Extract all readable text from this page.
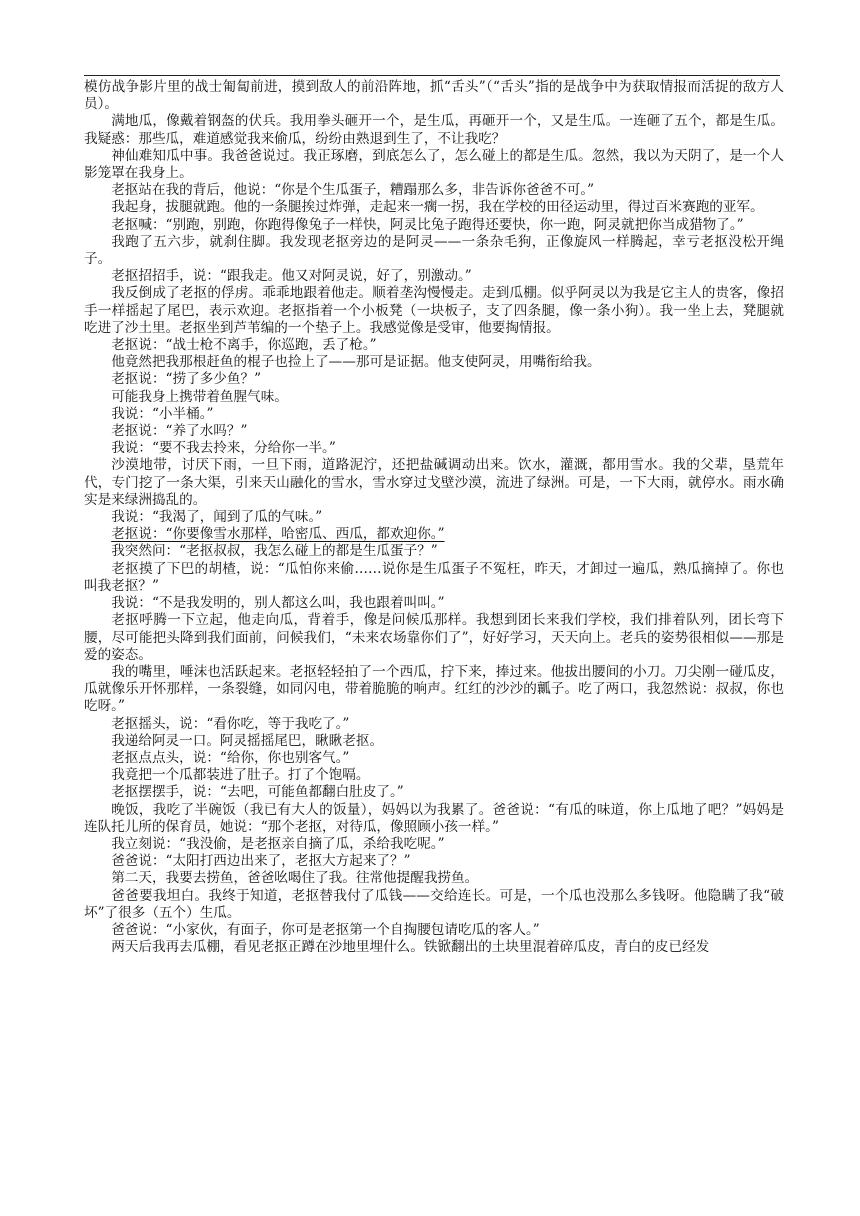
模仿战争影片里的战士匍匐前进，摸到敌人的前沿阵地，抓“舌头”（“舌头”指的是战争中为获取情报而活捉的敌方人员）。

满地瓜，像戴着钢盔的伏兵。我用拳头砸开一个，是生瓜，再砸开一个，又是生瓜。一连砸了五个，都是生瓜。我疑惑：那些瓜，难道感觉我来偷瓜，纷纷由熟退到生了，不让我吃？

神仙难知瓜中事。我爸爸说过。我正琢磨，到底怎么了，怎么碰上的都是生瓜。忽然，我以为天阴了，是一个人影笼罩在我身上。

老抠站在我的背后，他说：“你是个生瓜蛋子，糟蹋那么多，非告诉你爸爸不可。”

我起身，拔腿就跑。他的一条腿挨过炸弹，走起来一瘸一拐，我在学校的田径运动里，得过百米赛跑的亚军。

老抠喊：“别跑，别跑，你跑得像兔子一样快，阿灵比兔子跑得还要快，你一跑，阿灵就把你当成猎物了。”

我跑了五六步，就刹住脚。我发现老抠旁边的是阿灵——一条杂毛狗，正像旋风一样腾起，幸亏老抠没松开绳子。

老抠招招手，说：“跟我走。他又对阿灵说，好了，别激动。”

我反倒成了老抠的俘虏。乖乖地跟着他走。顺着垄沟慢慢走。走到瓜棚。似乎阿灵以为我是它主人的贵客，像招手一样摇起了尾巴，表示欢迎。老抠指着一个小板凳（一块板子，支了四条腿，像一条小狗）。我一坐上去，凳腿就吃进了沙土里。老抠坐到芦苇编的一个垫子上。我感觉像是受审，他要掏情报。

老抠说：“战士枪不离手，你巡跑，丢了枪。”

他竟然把我那根赶鱼的棍子也捡上了——那可是证据。他支使阿灵，用嘴衔给我。

老抠说：“捞了多少鱼？”

可能我身上携带着鱼腥气味。

我说：“小半桶。”

老抠说：“养了水吗？”

我说：“要不我去拎来，分给你一半。”

沙漠地带，讨厌下雨，一旦下雨，道路泥泞，还把盐碱调动出来。饮水，灌溉，都用雪水。我的父辈，垦荒年代，专门挖了一条大渠，引来天山融化的雪水，雪水穿过戈壁沙漠，流进了绿洲。可是，一下大雨，就停水。雨水确实是来绿洲捣乱的。

我说：“我渴了，闻到了瓜的气味。”

老抠说：“你要像雪水那样，哈密瓜、西瓜，都欢迎你。”

我突然问：“老抠叔叔，我怎么碰上的都是生瓜蛋子？”

老抠摸了下巴的胡楂，说：“瓜怕你来偷……说你是生瓜蛋子不冤枉，昨天，才卸过一遍瓜，熟瓜摘掉了。你也叫我老抠？”

我说：“不是我发明的，别人都这么叫，我也跟着叫叫。”

老抠呼腾一下立起，他走向瓜，背着手，像是问候瓜那样。我想到团长来我们学校，我们排着队列，团长弯下腰，尽可能把头降到我们面前，问候我们，“未来农场靠你们了”，好好学习，天天向上。老兵的姿势很相似——那是爱的姿态。

我的嘴里，唾沫也活跃起来。老抠轻轻拍了一个西瓜，拧下来，捧过来。他拔出腰间的小刀。刀尖刚一碰瓜皮，瓜就像乐开怀那样，一条裂缝，如同闪电，带着脆脆的响声。红红的沙沙的瓤子。吃了两口，我忽然说：叔叔，你也吃呀。”

老抠摇头，说：“看你吃，等于我吃了。”

我递给阿灵一口。阿灵摇摇尾巴，瞅瞅老抠。

老抠点点头，说：“给你，你也别客气。”

我竟把一个瓜都装进了肚子。打了个饱嗝。

老抠摆摆手，说：“去吧，可能鱼都翻白肚皮了。”

晚饭，我吃了半碗饭（我已有大人的饭量），妈妈以为我累了。爸爸说：“有瓜的味道，你上瓜地了吧？”妈妈是连队托儿所的保育员，她说：“那个老抠，对待瓜，像照顾小孩一样。”

我立刻说：“我没偷，是老抠亲自摘了瓜，杀给我吃呢。”

爸爸说：“太阳打西边出来了，老抠大方起来了？”

第二天，我要去捞鱼，爸爸吆喝住了我。往常他提醒我捞鱼。

爸爸要我坦白。我终于知道，老抠替我付了瓜钱——交给连长。可是，一个瓜也没那么多钱呀。他隐瞒了我“破坏”了很多（五个）生瓜。

爸爸说：“小家伙，有面子，你可是老抠第一个自掏腰包请吃瓜的客人。”

两天后我再去瓜棚，看见老抠正蹲在沙地里埋什么。铁锨翻出的土块里混着碎瓜皮，青白的皮已经发
